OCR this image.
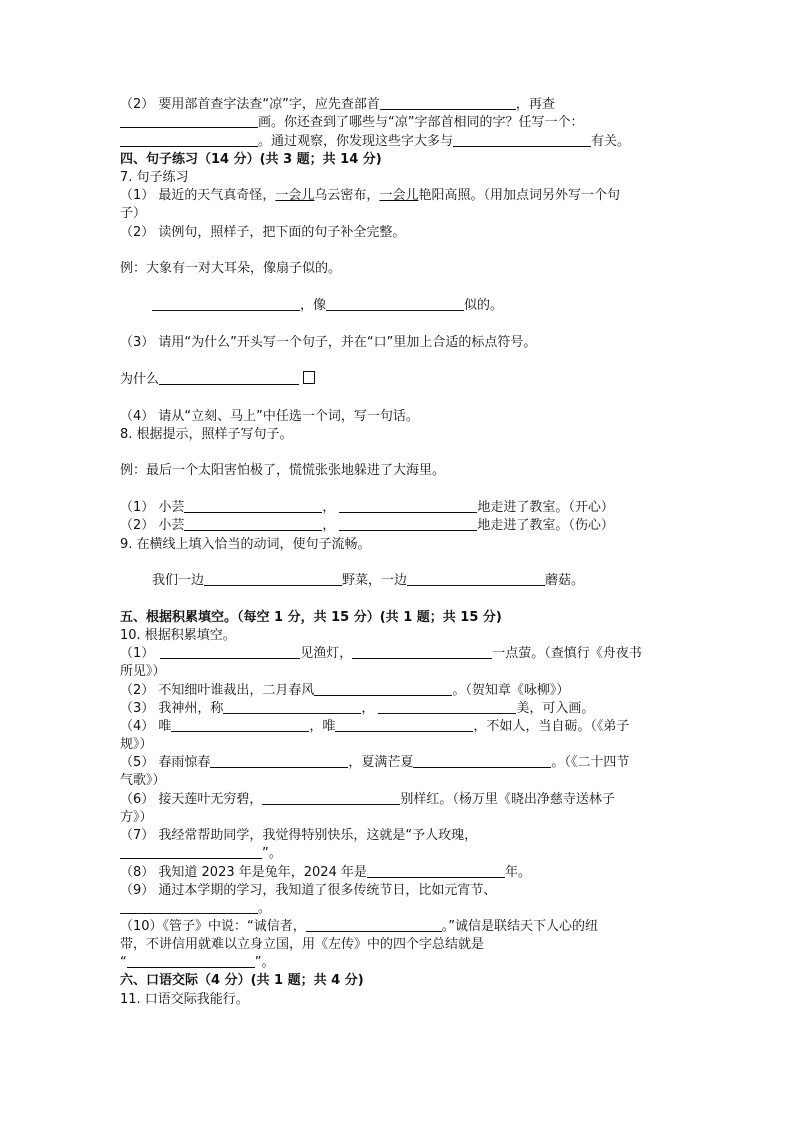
（2） 要用部首查字法查“凉”字，应先查部首	，再查
画。你还查到了哪些与“凉”字部首相同的字？任写一个：
。通过观察，你发现这些字大多与	有关。
四、句子练习（14 分）(共 3 题；共 14 分)
7. 句子练习
（1） 最近的天气真奇怪，一会儿乌云密布，一会儿艳阳高照。（用加点词另外写一个句
子）
（2） 读例句，照样子，把下面的句子补全完整。
例：大象有一对大耳朵，像扇子似的。
，像	似的。
（3） 请用“为什么”开头写一个句子，并在“口”里加上合适的标点符号。
为什么
（4） 请从“立刻、马上”中任选一个词，写一句话。
8. 根据提示，照样子写句子。
例：最后一个太阳害怕极了，慌慌张张地躲进了大海里。
（1） 小芸	，	地走进了教室。（开心）
（2） 小芸	，	地走进了教室。（伤心）
9. 在横线上填入恰当的动词，使句子流畅。
我们一边	野菜，一边	蘑菇。
五、根据积累填空。（每空 1 分，共 15 分）(共 1 题；共 15 分)
10. 根据积累填空。
（1）	见渔灯，	一点萤。（查慎行《舟夜书
所见》）
（2） 不知细叶谁裁出，二月春风	。（贺知章《咏柳》）
（3） 我神州，称	，	美，可入画。
（4） 唯	，唯	，不如人，当自砺。（《弟子
规》）
（5） 春雨惊春	，夏满芒夏	。（《二十四节
气歌》）
（6） 接天莲叶无穷碧，	别样红。（杨万里《晓出净慈寺送林子
方》）
（7） 我经常帮助同学，我觉得特别快乐，这就是“予人玫瑰，
”。
（8） 我知道 2023 年是兔年，2024 年是	年。
（9） 通过本学期的学习，我知道了很多传统节日，比如元宵节、
。
（10）《管子》中说：“诚信者，	。”诚信是联结天下人心的纽
带，不讲信用就难以立身立国，用《左传》中的四个字总结就是
“	”。
六、口语交际（4 分）(共 1 题；共 4 分)
11. 口语交际我能行。
